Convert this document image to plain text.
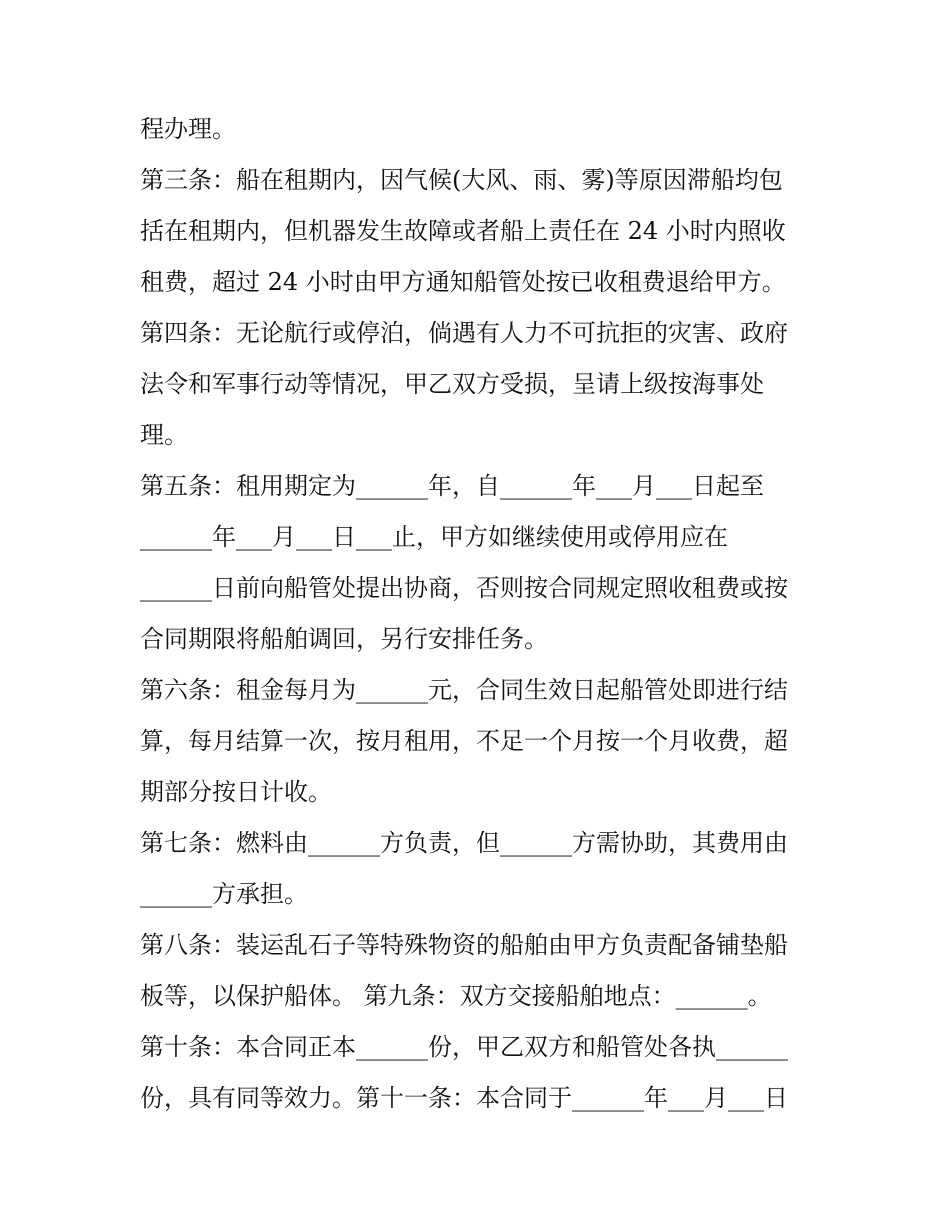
程办理。
第三条：船在租期内，因气候(大风、雨、雾)等原因滞船均包
括在租期内，但机器发生故障或者船上责任在 24 小时内照收
租费，超过 24 小时由甲方通知船管处按已收租费退给甲方。
第四条：无论航行或停泊，倘遇有人力不可抗拒的灾害、政府
法令和军事行动等情况，甲乙双方受损，呈请上级按海事处
理。
第五条：租用期定为______年，自______年___月___日起至
______年___月___日___止，甲方如继续使用或停用应在
______日前向船管处提出协商，否则按合同规定照收租费或按
合同期限将船舶调回，另行安排任务。
第六条：租金每月为______元，合同生效日起船管处即进行结
算，每月结算一次，按月租用，不足一个月按一个月收费，超
期部分按日计收。
第七条：燃料由______方负责，但______方需协助，其费用由
______方承担。
第八条：装运乱石子等特殊物资的船舶由甲方负责配备铺垫船
板等，以保护船体。 第九条：双方交接船舶地点：______。
第十条：本合同正本______份，甲乙双方和船管处各执______
份，具有同等效力。第十一条：本合同于______年___月___日
